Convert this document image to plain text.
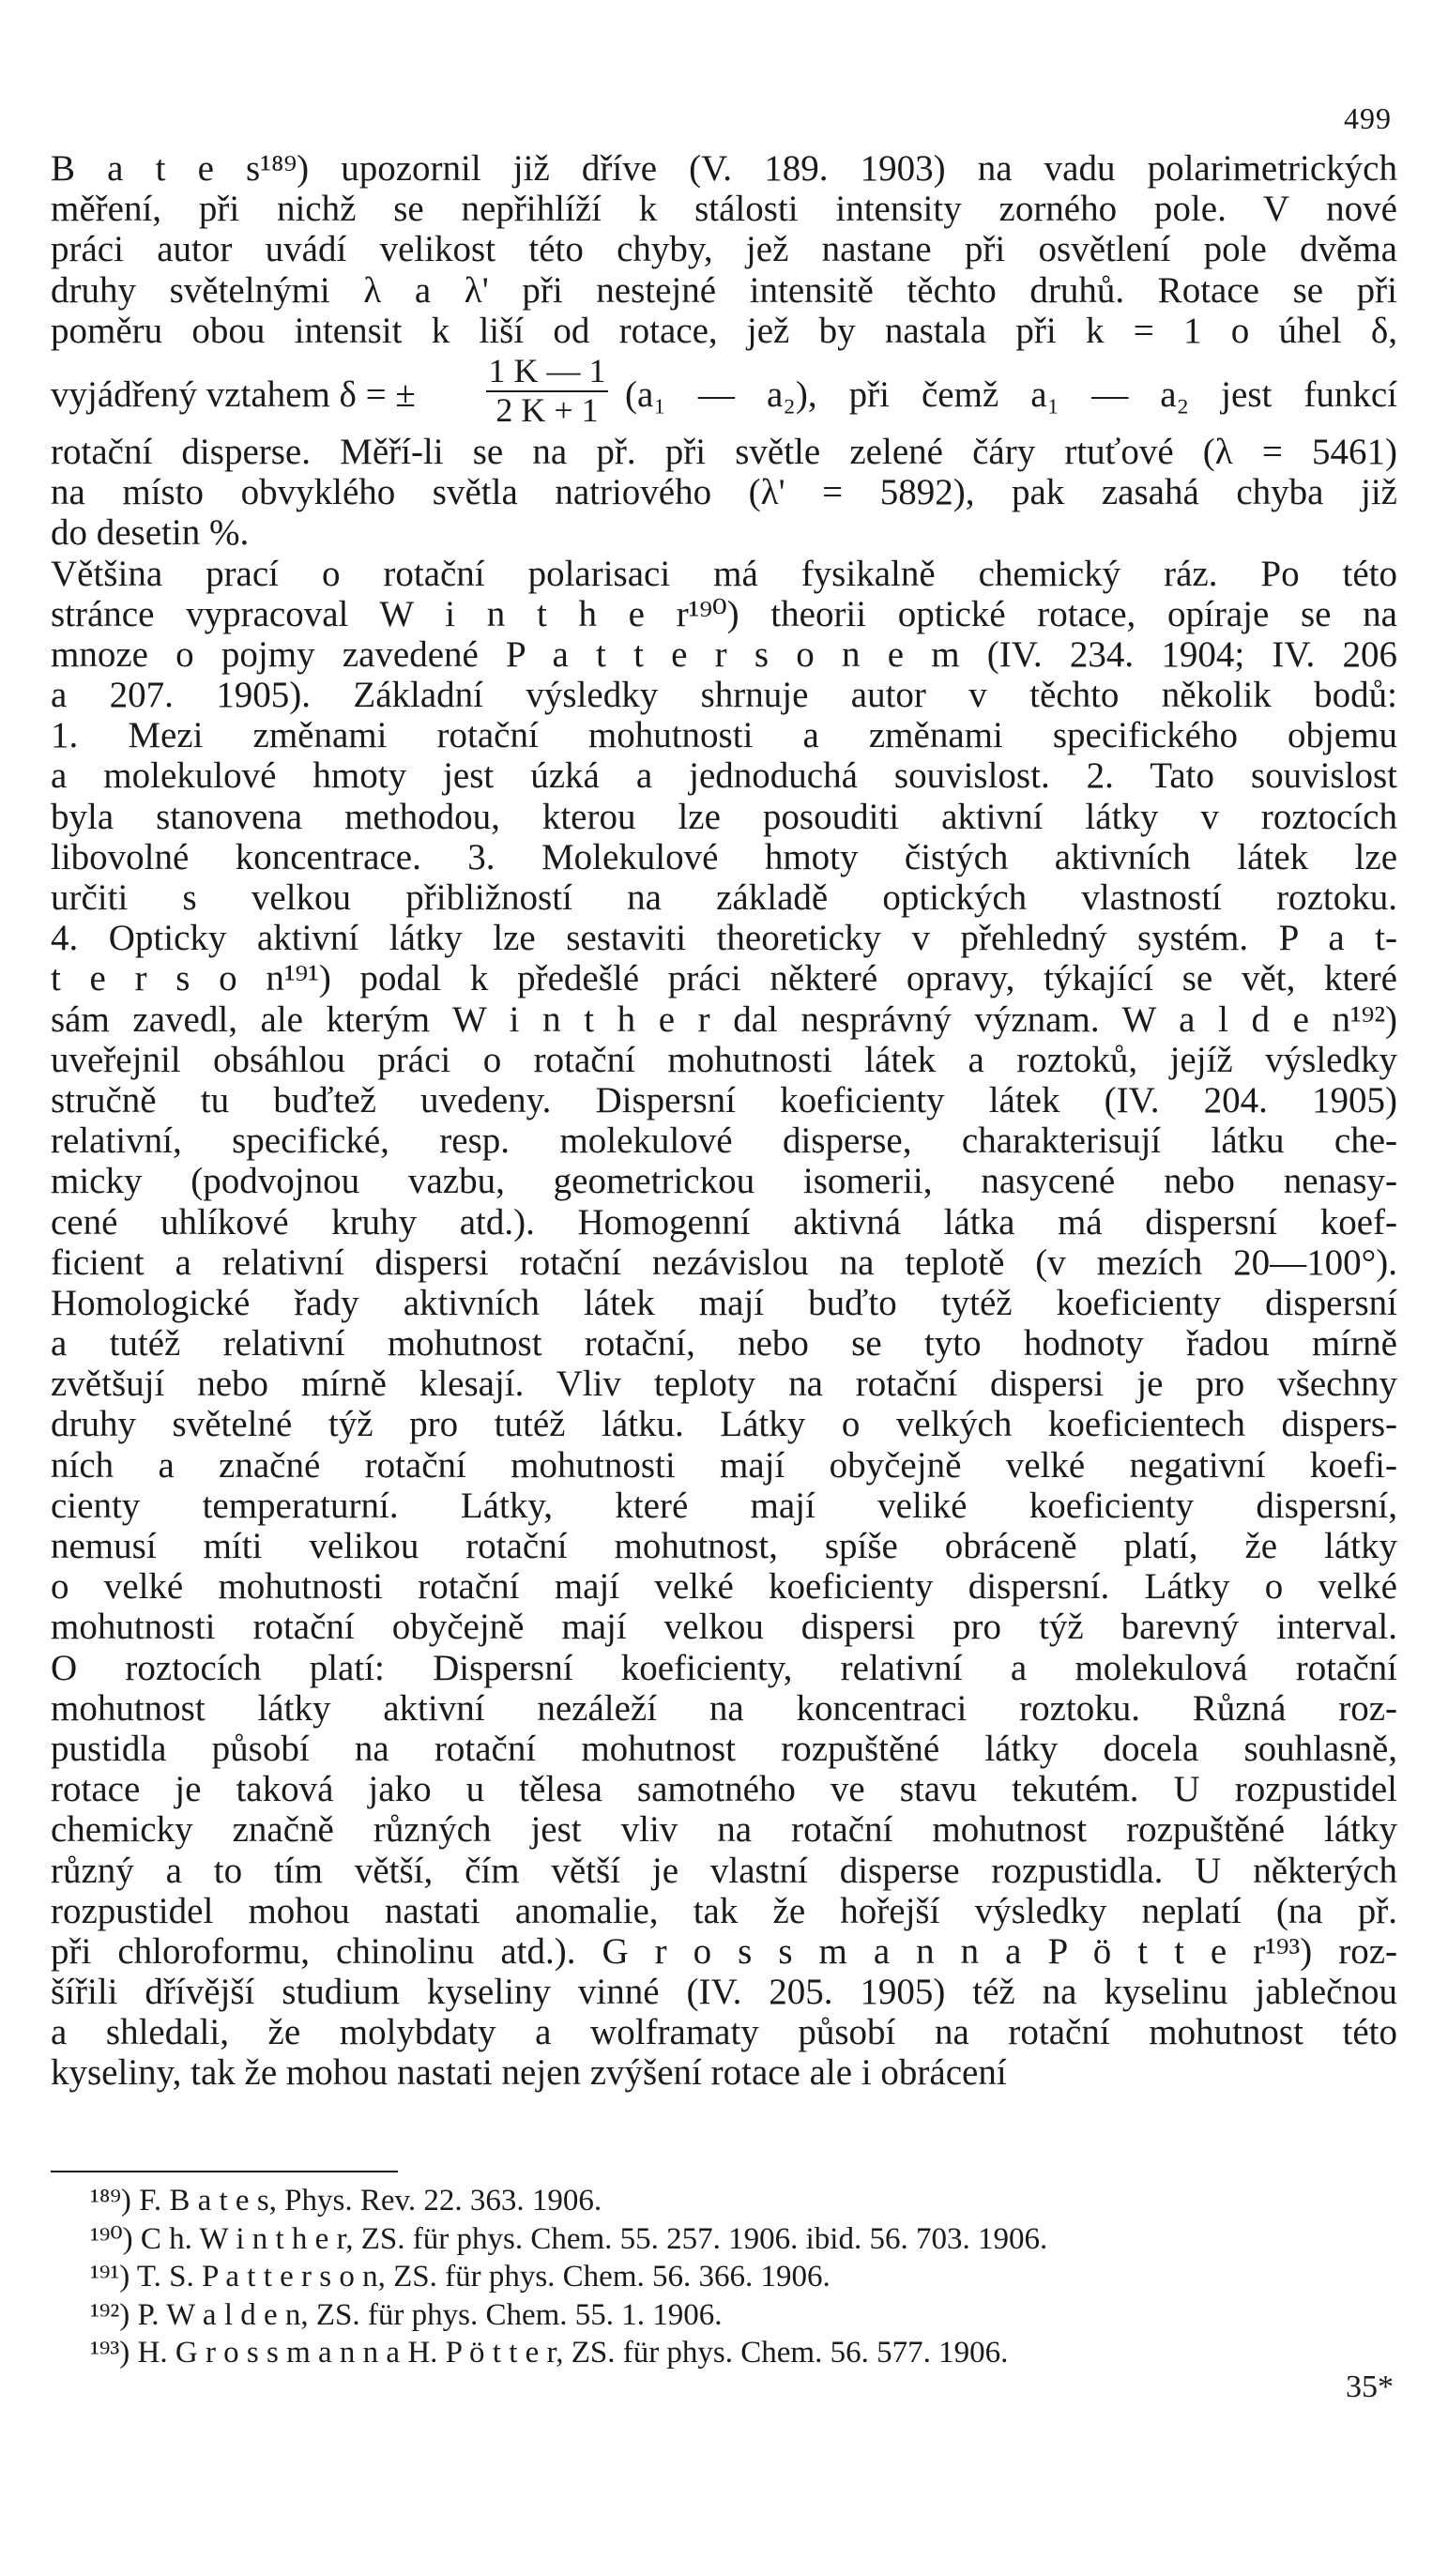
499
B a t e s¹⁸⁹) upozornil již dříve (V. 189. 1903) na vadu polarimetrických
měření, při nichž se nepřihlíží k stálosti intensity zorného pole. V nové
práci autor uvádí velikost této chyby, jež nastane při osvětlení pole dvěma
druhy světelnými λ a λ' při nestejné intensitě těchto druhů. Rotace se při
poměru obou intensit k liší od rotace, jež by nastala při k = 1 o úhel δ,
vyjádřený vztahem δ = ± $\frac{1 K — 1}{2 K + 1} (a_1$ — a₂), při čemž a₁ — a₂ jest funkcí
rotační disperse. Měří-li se na př. při světle zelené čáry rtuťové (λ = 5461)
na místo obvyklého světla natriového (λ' = 5892), pak zasahá chyba již
do desetin %.
Většina prací o rotační polarisaci má fysikalně chemický ráz. Po této
stránce vypracoval W i n t h e r¹⁹⁰) theorii optické rotace, opíraje se na
mnoze o pojmy zavedené P a t t e r s o n e m (IV. 234. 1904; IV. 206
a 207. 1905). Základní výsledky shrnuje autor v těchto několik bodů:
1. Mezi změnami rotační mohutnosti a změnami specifického objemu
a molekulové hmoty jest úzká a jednoduchá souvislost. 2. Tato souvislost
byla stanovena methodou, kterou lze posouditi aktivní látky v roztocích
libovolné koncentrace. 3. Molekulové hmoty čistých aktivních látek lze
určiti s velkou přibližností na základě optických vlastností roztoku.
4. Opticky aktivní látky lze sestaviti theoreticky v přehledný systém. P a t-
t e r s o n¹⁹¹) podal k předešlé práci některé opravy, týkající se vět, které
sám zavedl, ale kterým W i n t h e r dal nesprávný význam. W a l d e n¹⁹²)
uveřejnil obsáhlou práci o rotační mohutnosti látek a roztoků, jejíž výsledky
stručně tu buďtež uvedeny. Dispersní koeficienty látek (IV. 204. 1905)
relativní, specifické, resp. molekulové disperse, charakterisují látku che-
micky (podvojnou vazbu, geometrickou isomerii, nasycené nebo nenasy-
cené uhlíkové kruhy atd.). Homogenní aktivná látka má dispersní koef-
ficient a relativní dispersi rotační nezávislou na teplotě (v mezích 20—100°).
Homologické řady aktivních látek mají buďto tytéž koeficienty dispersní
a tutéž relativní mohutnost rotační, nebo se tyto hodnoty řadou mírně
zvětšují nebo mírně klesají. Vliv teploty na rotační dispersi je pro všechny
druhy světelné týž pro tutéž látku. Látky o velkých koeficientech dispers-
ních a značné rotační mohutnosti mají obyčejně velké negativní koefi-
cienty temperaturní. Látky, které mají veliké koeficienty dispersní,
nemusí míti velikou rotační mohutnost, spíše obráceně platí, že látky
o velké mohutnosti rotační mají velké koeficienty dispersní. Látky o velké
mohutnosti rotační obyčejně mají velkou dispersi pro týž barevný interval.
O roztocích platí: Dispersní koeficienty, relativní a molekulová rotační
mohutnost látky aktivní nezáleží na koncentraci roztoku. Různá roz-
pustidla působí na rotační mohutnost rozpuštěné látky docela souhlasně,
rotace je taková jako u tělesa samotného ve stavu tekutém. U rozpustidel
chemicky značně různých jest vliv na rotační mohutnost rozpuštěné látky
různý a to tím větší, čím větší je vlastní disperse rozpustidla. U některých
rozpustidel mohou nastati anomalie, tak že hořejší výsledky neplatí (na př.
při chloroformu, chinolinu atd.). G r o s s m a n n a P ö t t e r¹⁹³) roz-
šířili dřívější studium kyseliny vinné (IV. 205. 1905) též na kyselinu jablečnou
a shledali, že molybdaty a wolframaty působí na rotační mohutnost této
kyseliny, tak že mohou nastati nejen zvýšení rotace ale i obrácení
¹⁸⁹) F. B a t e s, Phys. Rev. 22. 363. 1906.
¹⁹⁰) C h. W i n t h e r, ZS. für phys. Chem. 55. 257. 1906. ibid. 56. 703. 1906.
¹⁹¹) T. S. P a t t e r s o n, ZS. für phys. Chem. 56. 366. 1906.
¹⁹²) P. W a l d e n, ZS. für phys. Chem. 55. 1. 1906.
¹⁹³) H. G r o s s m a n n a H. P ö t t e r, ZS. für phys. Chem. 56. 577. 1906.
35*
